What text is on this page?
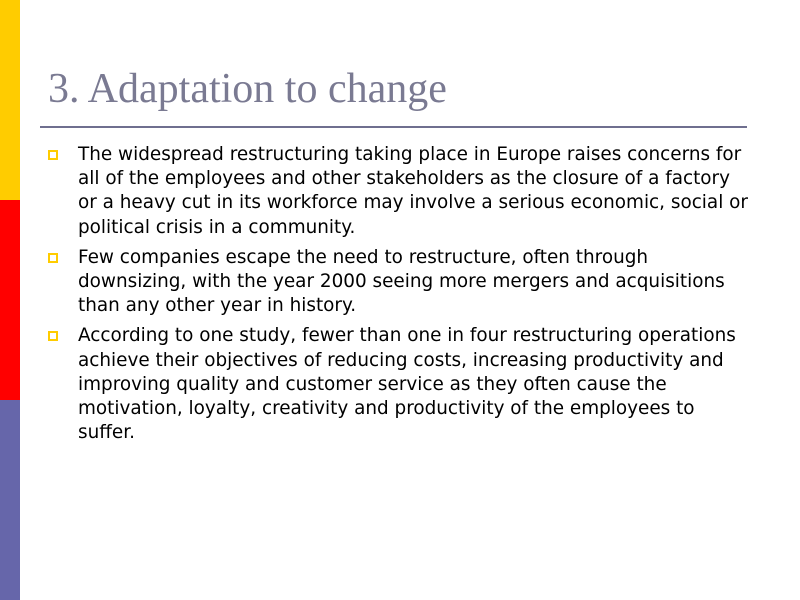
3. Adaptation to change
The widespread restructuring taking place in Europe raises concerns for all of the employees and other stakeholders as the closure of a factory or a heavy cut in its workforce may involve a serious economic, social or political crisis in a community.
Few companies escape the need to restructure, often through downsizing, with the year 2000 seeing more mergers and acquisitions than any other year in history.
According to one study, fewer than one in four restructuring operations achieve their objectives of reducing costs, increasing productivity and improving quality and customer service as they often cause the motivation, loyalty, creativity and productivity of the employees to suffer.
